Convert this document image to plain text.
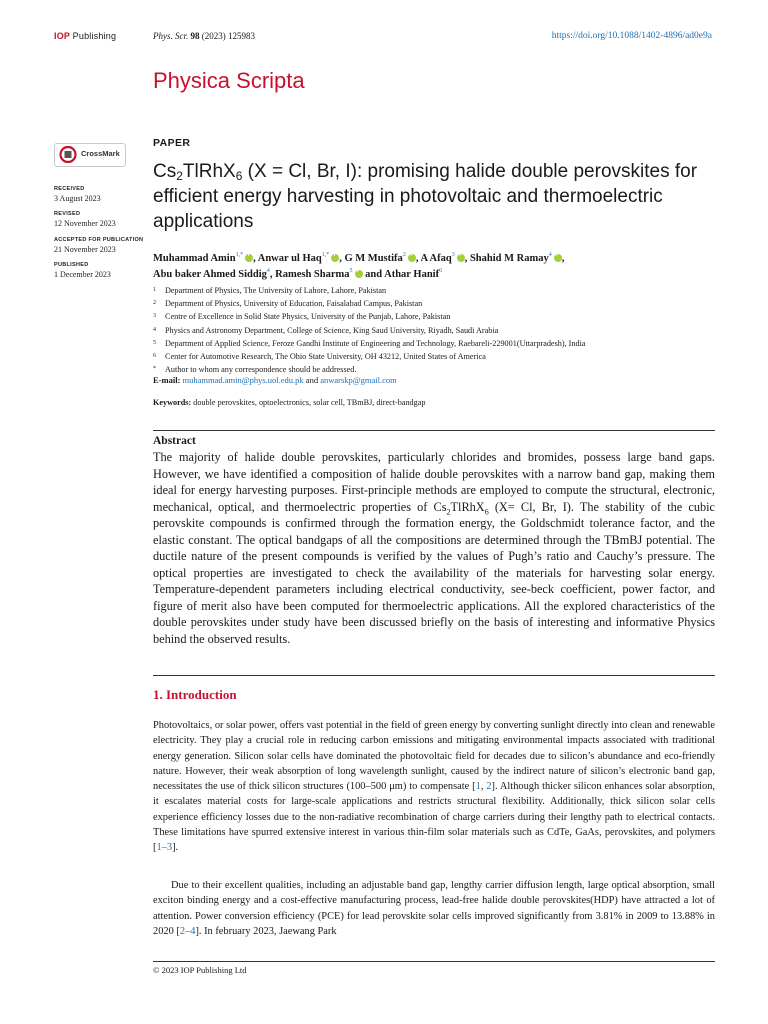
IOP Publishing	Phys. Scr. 98 (2023) 125983	https://doi.org/10.1088/1402-4896/ad0e9a
Physica Scripta
CrossMark
RECEIVED
3 August 2023
REVISED
12 November 2023
ACCEPTED FOR PUBLICATION
21 November 2023
PUBLISHED
1 December 2023
PAPER
$Cs_2TlRhX_6$ (X = Cl, Br, I): promising halide double perovskites for efficient energy harvesting in photovoltaic and thermoelectric applications
Muhammad Amin$^{1,*}$ i , Anwar ul Haq$^{1,*}$ i , G M Mustifa$^2$ i , A Afaq$^3$ i , Shahid M Ramay$^4$ i ,
Abu baker Ahmed Siddig$^4$, Ramesh Sharma$^5$i and Athar Hanif$^6$
1 Department of Physics, The University of Lahore, Lahore, Pakistan
2 Department of Physics, University of Education, Faisalabad Campus, Pakistan
3 Centre of Excellence in Solid State Physics, University of the Punjab, Lahore, Pakistan
4 Physics and Astronomy Department, College of Science, King Saud University, Riyadh, Saudi Arabia
5 Department of Applied Science, Feroze Gandhi Institute of Engineering and Technology, Raebareli-229001(Uttarpradesh), India
6 Center for Automotive Research, The Ohio State University, OH 43212, United States of America
* Author to whom any correspondence should be addressed.
E-mail: muhammad.amin@phys.uol.edu.pk and anwarskp@gmail.com
Keywords: double perovskites, optoelectronics, solar cell, TBmBJ, direct-bandgap
Abstract
The majority of halide double perovskites, particularly chlorides and bromides, possess large band gaps. However, we have identified a composition of halide double perovskites with a narrow band gap, making them ideal for energy harvesting purposes. First-principle methods are employed to compute the structural, electronic, mechanical, optical, and thermoelectric properties of $Cs_2TlRhX_6$ (X= Cl, Br, I). The stability of the cubic perovskite compounds is confirmed through the formation energy, the Goldschmidt tolerance factor, and the elastic constant. The optical bandgaps of all the compositions are determined through the TBmBJ potential. The ductile nature of the present compounds is verified by the values of Pugh’s ratio and Cauchy’s pressure. The optical properties are investigated to check the availability of the materials for harvesting solar energy. Temperature-dependent parameters including electrical conductivity, see-beck coefficient, power factor, and figure of merit also have been computed for thermoelectric applications. All the explored characteristics of the double perovskites under study have been discussed briefly on the basis of interesting and informative Physics behind the observed results.
1. Introduction
Photovoltaics, or solar power, offers vast potential in the field of green energy by converting sunlight directly into clean and renewable electricity. They play a crucial role in reducing carbon emissions and mitigating environmental impacts associated with traditional energy generation. Silicon solar cells have dominated the photovoltaic field for decades due to silicon’s abundance and eco-friendly nature. However, their weak absorption of long wavelength sunlight, caused by the indirect nature of silicon’s electronic band gap, necessitates the use of thick silicon structures (100–500 μm) to compensate [1, 2]. Although thicker silicon enhances solar absorption, it escalates material costs for large-scale applications and restricts structural flexibility. Additionally, thick silicon solar cells experience efficiency losses due to the non-radiative recombination of charge carriers during their lengthy path to electrical contacts. These limitations have spurred extensive interest in various thin-film solar materials such as CdTe, GaAs, perovskites, and polymers [1–3].
Due to their excellent qualities, including an adjustable band gap, lengthy carrier diffusion length, large optical absorption, small exciton binding energy and a cost-effective manufacturing process, lead-free halide double perovskites(HDP) have attracted a lot of attention. Power conversion efficiency (PCE) for lead perovskite solar cells improved significantly from 3.81% in 2009 to 13.88% in 2020 [2–4]. In february 2023, Jaewang Park
© 2023 IOP Publishing Ltd
